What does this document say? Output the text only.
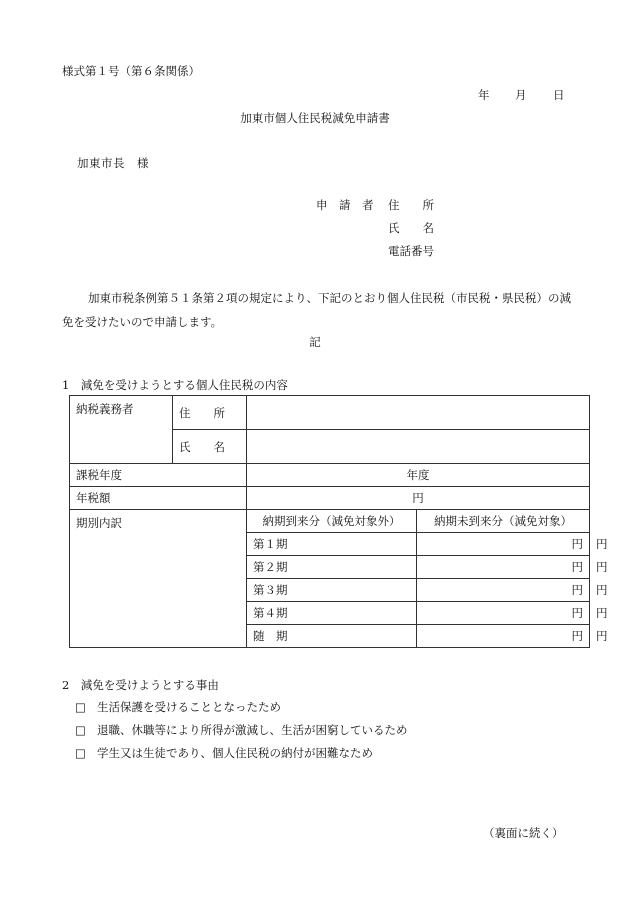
様式第１号（第６条関係）
年 月 日
加東市個人住民税減免申請書
加東市長　様
申　請　者 住　　所
氏　　名
電話番号

加東市税条例第５１条第２項の規定により、下記のとおり個人住民税（市民税・県民税）の減免を受けたいので申請します。

記
1　減免を受けようとする個人住民税の内容
納税義務者	住　　所			
	氏　　名			
課税年度		年度		
年税額		円		
期別内訳		納期到来分（減免対象外）	納期未到来分（減免対象）	
		第１期	円	円
		第２期	円	円
		第３期	円	円
		第４期	円	円
		随　期	円	円
2　減免を受けようとする事由
□ 生活保護を受けることとなったため
□ 退職、休職等により所得が激減し、生活が困窮しているため
□ 学生又は生徒であり、個人住民税の納付が困難なため
（裏面に続く）
